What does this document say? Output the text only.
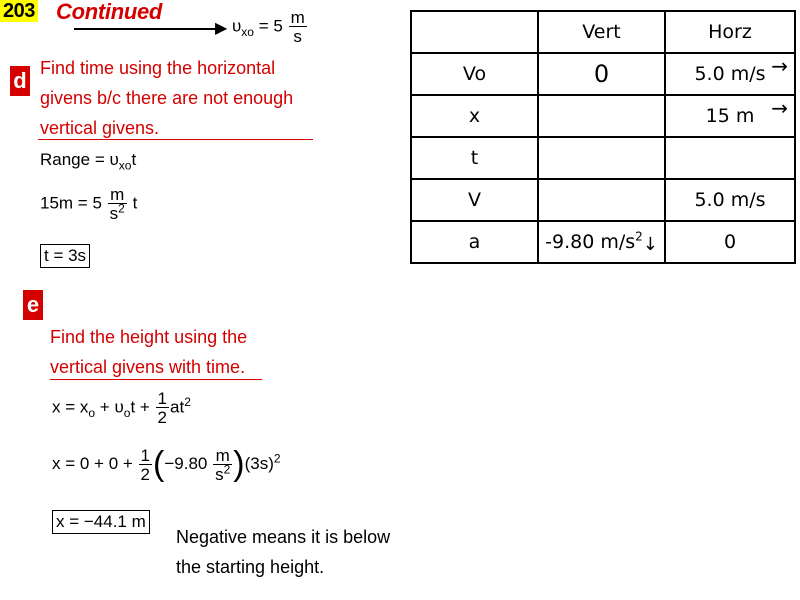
203 Continued
▶ $\upsilon_{xo} = 5 \frac{m}{s}$
d Find time using the horizontal
givens b/c there are not enough
vertical givens.
Range = $\upsilon_{xo}t$
$15m = 5 \frac{m}{s^2}$ t
t = 3s
e
Find the height using the
vertical givens with time.
$x = x_o + \upsilon_ot + \frac{1}{2} at^2$
$x = 0 + 0 + \frac{1}{2} (-9.80 \frac{m}{s^2} )(3s)^2$
x = −44.1 m
Negative means it is below
the starting height.
	Vert	Horz
Vo	0	5.0 m/s →

x		15 m →

t		
V		5.0 m/s
a	-9.80 $m/s^2↓$	0
